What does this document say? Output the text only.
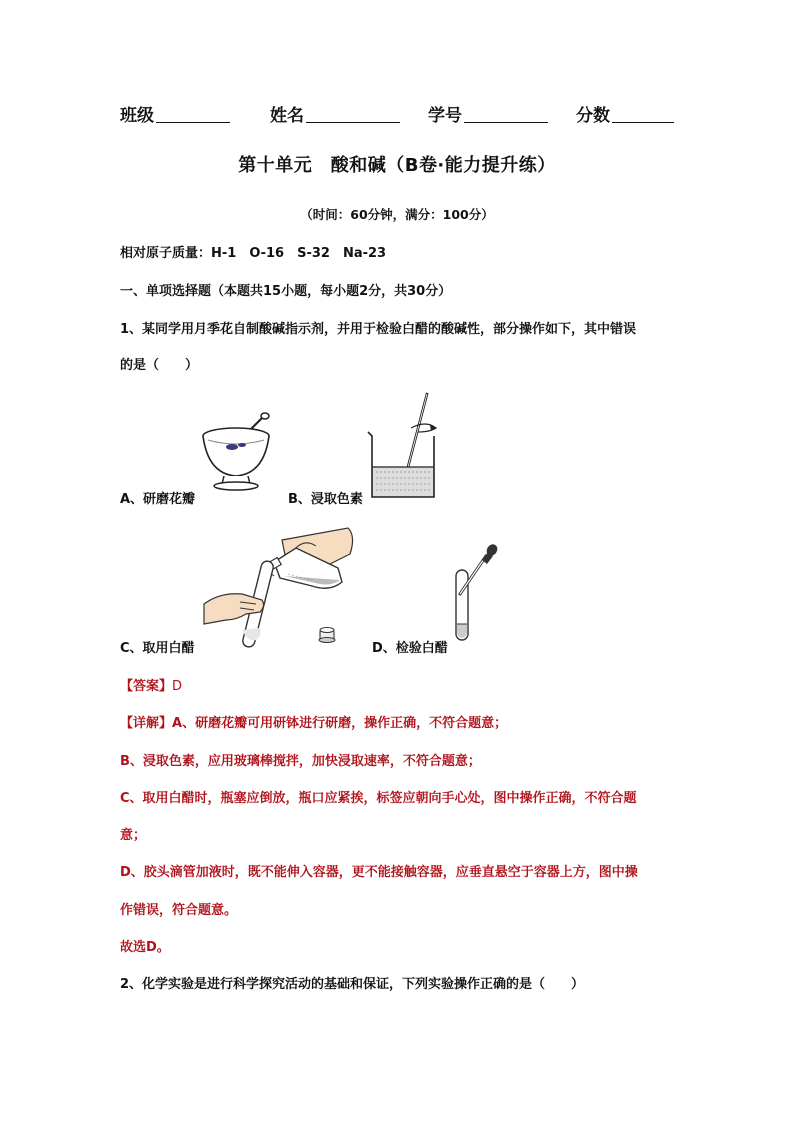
班级	姓名	学号	分数
第十单元　酸和碱（B卷·能力提升练）
（时间：60分钟，满分：100分）
相对原子质量：H-1　O-16　S-32　Na-23
一、单项选择题（本题共15小题，每小题2分，共30分）
1、某同学用月季花自制酸碱指示剂，并用于检验白醋的酸碱性，部分操作如下，其中错误
的是（　　）
A、研磨花瓣	B、浸取色素
C、取用白醋	D、检验白醋
【答案】D
【详解】A、研磨花瓣可用研钵进行研磨，操作正确，不符合题意；
B、浸取色素，应用玻璃棒搅拌，加快浸取速率，不符合题意；
C、取用白醋时，瓶塞应倒放，瓶口应紧挨，标签应朝向手心处，图中操作正确，不符合题
意；
D、胶头滴管加液时，既不能伸入容器，更不能接触容器，应垂直悬空于容器上方，图中操
作错误，符合题意。
故选D。
2、化学实验是进行科学探究活动的基础和保证，下列实验操作正确的是（　　）
